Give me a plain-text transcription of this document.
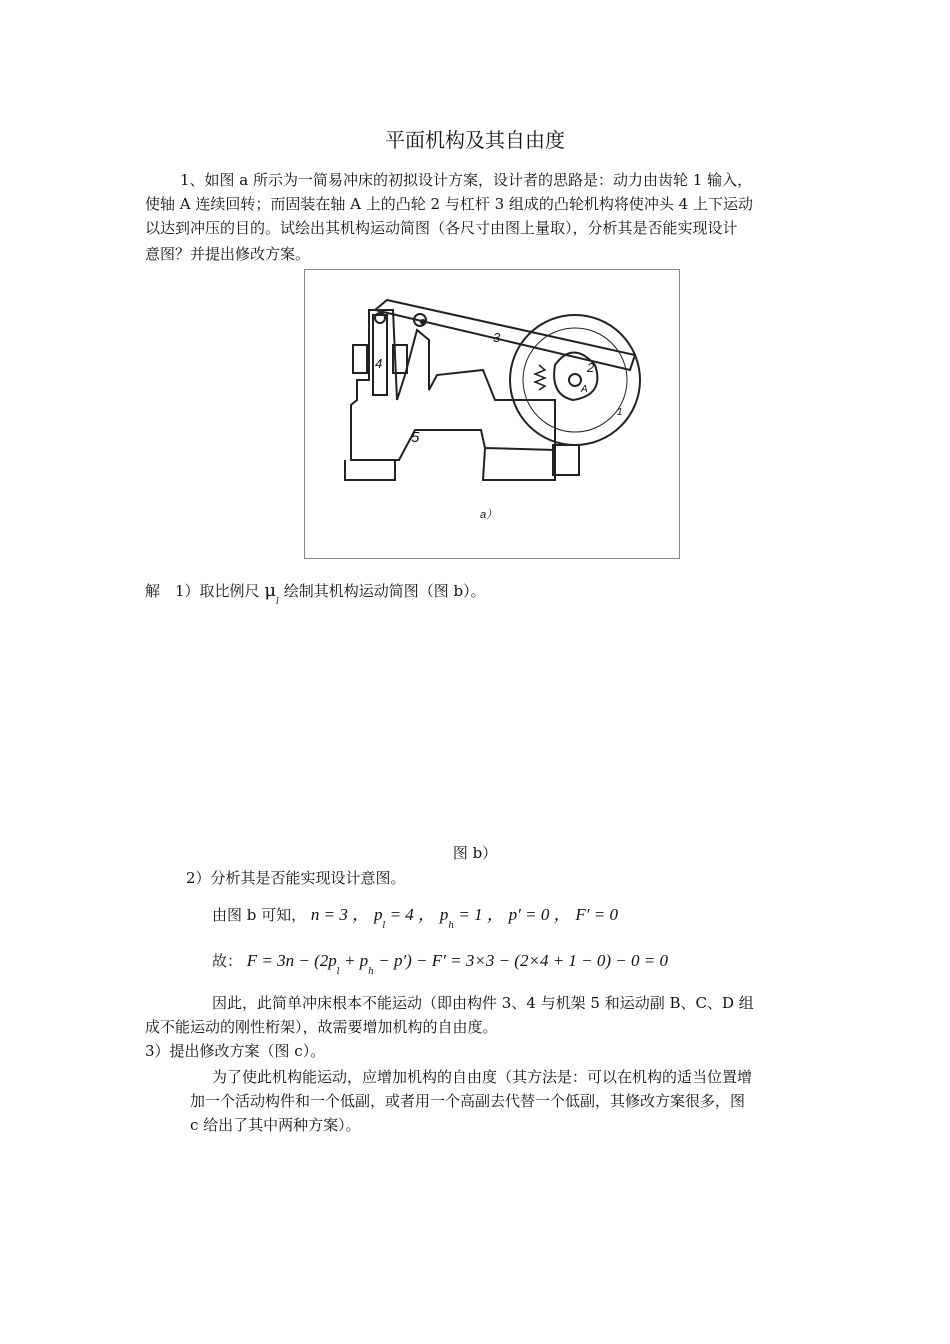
平面机构及其自由度
1、如图 a 所示为一简易冲床的初拟设计方案，设计者的思路是：动力由齿轮 1 输入，
使轴 A 连续回转；而固装在轴 A 上的凸轮 2 与杠杆 3 组成的凸轮机构将使冲头 4 上下运动
以达到冲压的目的。试绘出其机构运动简图（各尺寸由图上量取），分析其是否能实现设计
意图？并提出修改方案。
4
3
2
A
5
1
a）
解　1）取比例尺 $\mu_l$ 绘制其机构运动简图（图 b）。
图 b）
2）分析其是否能实现设计意图。
由图 b 可知， n = 3 ， $p_l = 4$ ， $p_h = 1$ ， p′ = 0 ， F′ = 0
故： $F = 3n - (2p_l + p_h - p') - F' = 3\times 3 - (2\times 4 + 1 - 0) - 0 = 0$
因此，此简单冲床根本不能运动（即由构件 3、4 与机架 5 和运动副 B、C、D 组
成不能运动的刚性桁架），故需要增加机构的自由度。
3）提出修改方案（图 c）。
为了使此机构能运动，应增加机构的自由度（其方法是：可以在机构的适当位置增
加一个活动构件和一个低副，或者用一个高副去代替一个低副，其修改方案很多，图
c 给出了其中两种方案）。
